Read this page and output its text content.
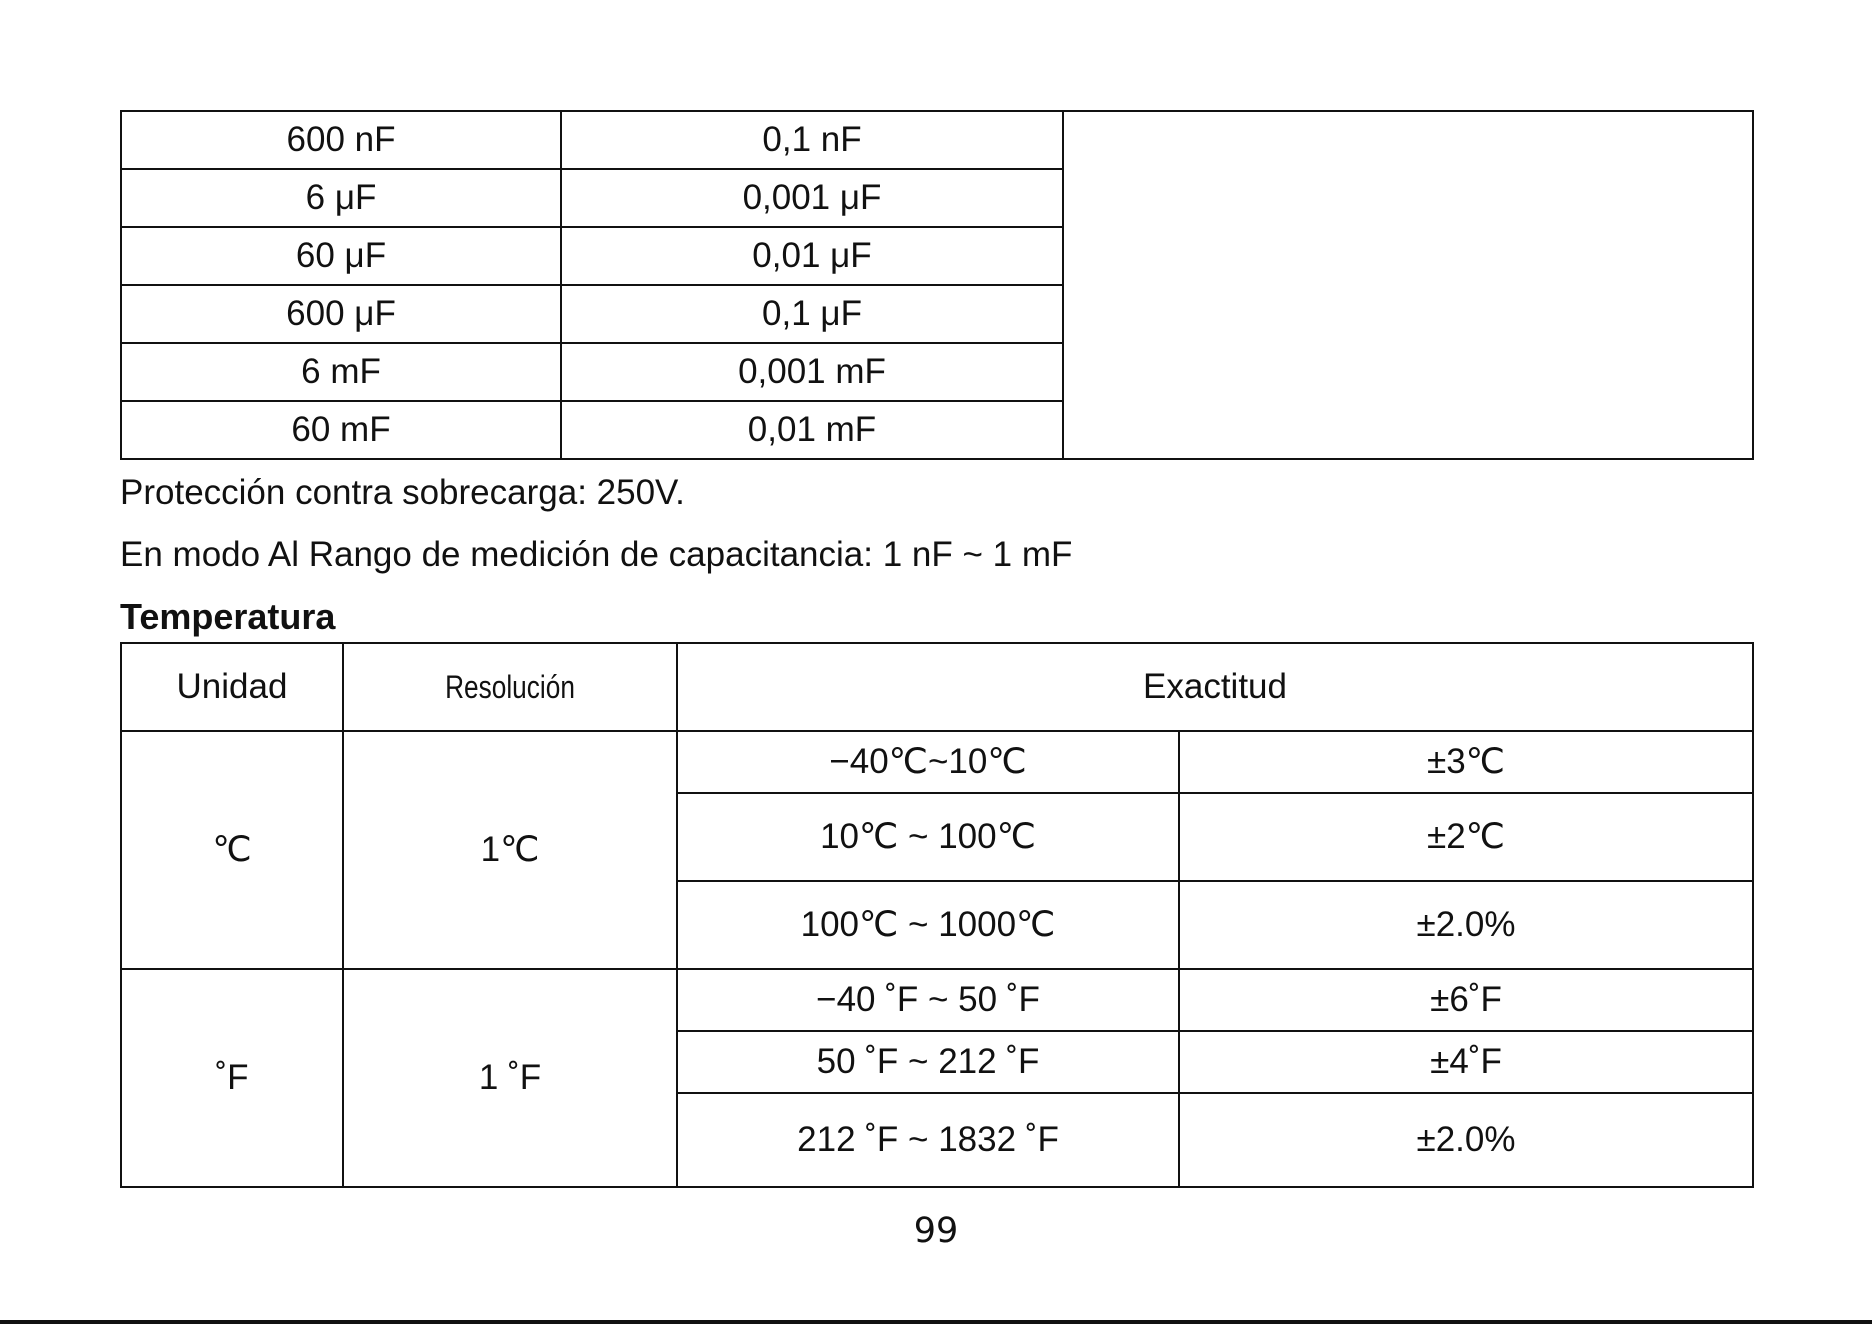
600 nF	0,1 nF	
6 μF	0,001 μF	
60 μF	0,01 μF	
600 μF	0,1 μF	
6 mF	0,001 mF	
60 mF	0,01 mF	

Protección contra sobrecarga: 250V.

En modo Al Rango de medición de capacitancia: 1 nF ~ 1 mF

Temperatura

Unidad	Resolución	Exactitud	
℃	1℃	−40℃~10℃	±3℃
		10℃ ~ 100℃	±2℃
		100℃ ~ 1000℃	±2.0%
˚F	1 ˚F	−40 ˚F ~ 50 ˚F	±6˚F
		50 ˚F ~ 212 ˚F	±4˚F
		212 ˚F ~ 1832 ˚F	±2.0%
99
